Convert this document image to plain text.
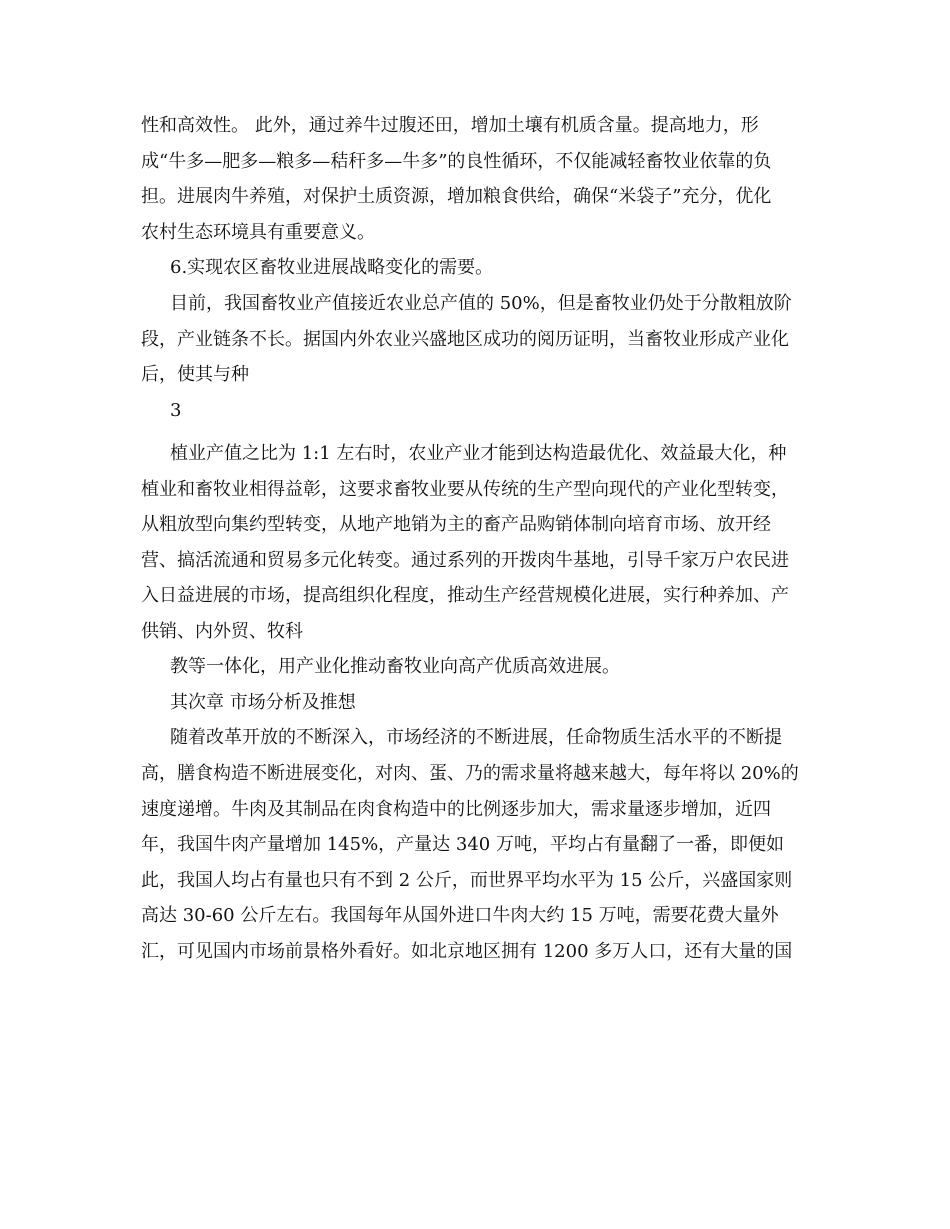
性和高效性。 此外，通过养牛过腹还田，增加土壤有机质含量。提高地力，形
成“牛多—肥多—粮多—秸秆多—牛多”的良性循环，不仅能减轻畜牧业依靠的负
担。进展肉牛养殖，对保护土质资源，增加粮食供给，确保“米袋子”充分，优化
农村生态环境具有重要意义。
6.实现农区畜牧业进展战略变化的需要。
目前，我国畜牧业产值接近农业总产值的 50%，但是畜牧业仍处于分散粗放阶
段，产业链条不长。据国内外农业兴盛地区成功的阅历证明，当畜牧业形成产业化
后，使其与种
3
植业产值之比为 1:1 左右时，农业产业才能到达构造最优化、效益最大化，种
植业和畜牧业相得益彰，这要求畜牧业要从传统的生产型向现代的产业化型转变，
从粗放型向集约型转变，从地产地销为主的畜产品购销体制向培育市场、放开经
营、搞活流通和贸易多元化转变。通过系列的开拨肉牛基地，引导千家万户农民进
入日益进展的市场，提高组织化程度，推动生产经营规模化进展，实行种养加、产
供销、内外贸、牧科
教等一体化，用产业化推动畜牧业向高产优质高效进展。
其次章 市场分析及推想
随着改革开放的不断深入，市场经济的不断进展，任命物质生活水平的不断提
高，膳食构造不断进展变化，对肉、蛋、乃的需求量将越来越大，每年将以 20%的
速度递增。牛肉及其制品在肉食构造中的比例逐步加大，需求量逐步增加，近四
年，我国牛肉产量增加 145%，产量达 340 万吨，平均占有量翻了一番，即便如
此，我国人均占有量也只有不到 2 公斤，而世界平均水平为 15 公斤，兴盛国家则
高达 30-60 公斤左右。我国每年从国外进口牛肉大约 15 万吨，需要花费大量外
汇，可见国内市场前景格外看好。如北京地区拥有 1200 多万人口，还有大量的国
